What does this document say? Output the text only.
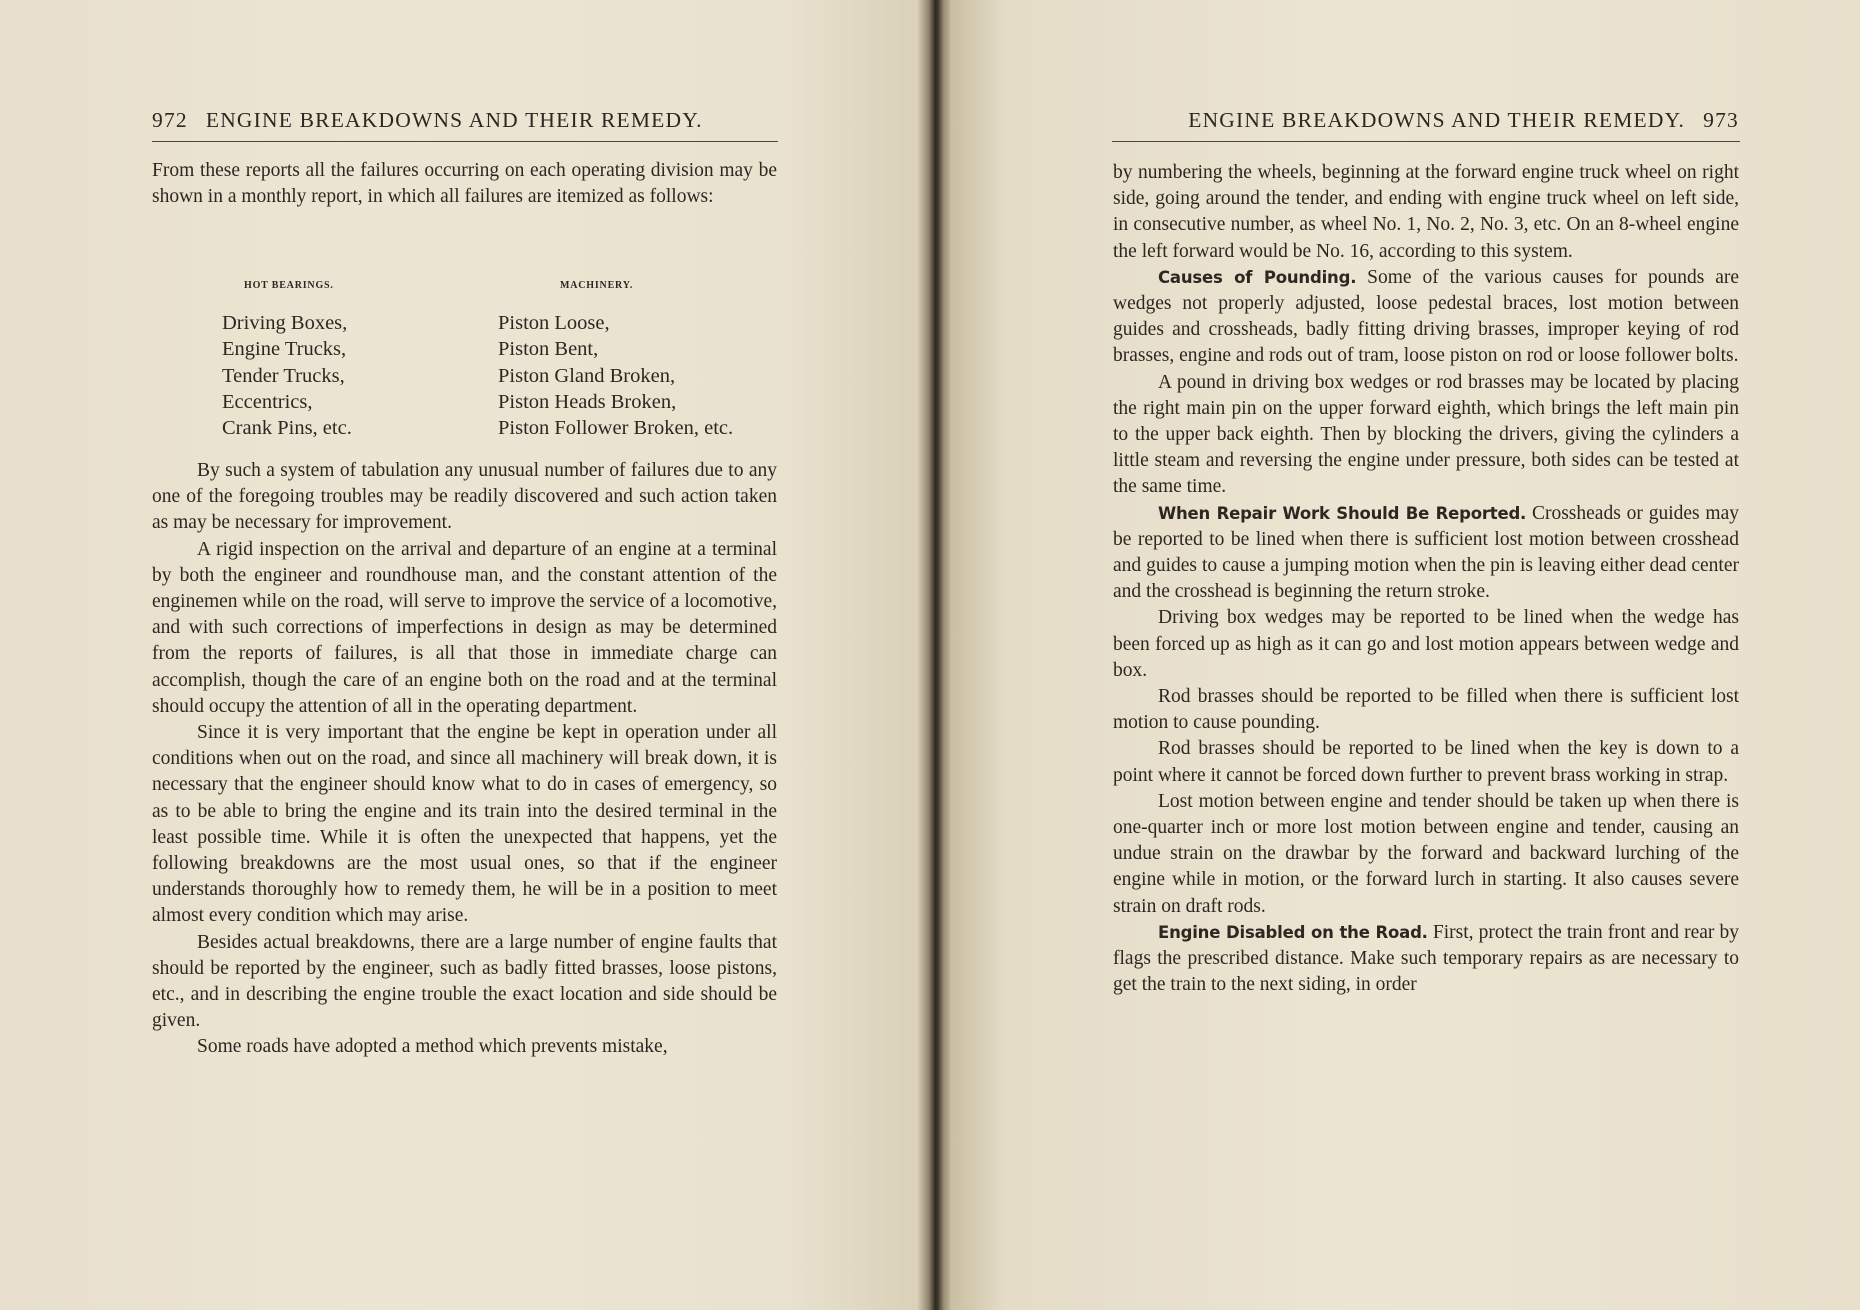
972 ENGINE BREAKDOWNS AND THEIR REMEDY.

From these reports all the failures occurring on each operating division may be shown in a monthly report, in which all failures are itemized as follows:

HOT BEARINGS.
Driving Boxes,
Engine Trucks,
Tender Trucks,
Eccentrics,
Crank Pins, etc.
MACHINERY.
Piston Loose,
Piston Bent,
Piston Gland Broken,
Piston Heads Broken,
Piston Follower Broken, etc.

By such a system of tabulation any unusual number of failures due to any one of the foregoing troubles may be readily discovered and such action taken as may be necessary for improvement.

A rigid inspection on the arrival and departure of an engine at a terminal by both the engineer and roundhouse man, and the constant attention of the enginemen while on the road, will serve to improve the service of a locomotive, and with such corrections of imperfections in design as may be determined from the reports of failures, is all that those in immediate charge can accomplish, though the care of an engine both on the road and at the terminal should occupy the attention of all in the operating department.

Since it is very important that the engine be kept in operation under all conditions when out on the road, and since all machinery will break down, it is necessary that the engineer should know what to do in cases of emergency, so as to be able to bring the engine and its train into the desired terminal in the least possible time. While it is often the unexpected that happens, yet the following breakdowns are the most usual ones, so that if the engineer understands thoroughly how to remedy them, he will be in a position to meet almost every condition which may arise.

Besides actual breakdowns, there are a large number of engine faults that should be reported by the engineer, such as badly fitted brasses, loose pistons, etc., and in describing the engine trouble the exact location and side should be given.

Some roads have adopted a method which prevents mistake,

ENGINE BREAKDOWNS AND THEIR REMEDY. 973

by numbering the wheels, beginning at the forward engine truck wheel on right side, going around the tender, and ending with engine truck wheel on left side, in consecutive number, as wheel No. 1, No. 2, No. 3, etc. On an 8-wheel engine the left forward would be No. 16, according to this system.

Causes of Pounding. Some of the various causes for pounds are wedges not properly adjusted, loose pedestal braces, lost motion between guides and crossheads, badly fitting driving brasses, improper keying of rod brasses, engine and rods out of tram, loose piston on rod or loose follower bolts.

A pound in driving box wedges or rod brasses may be located by placing the right main pin on the upper forward eighth, which brings the left main pin to the upper back eighth. Then by blocking the drivers, giving the cylinders a little steam and reversing the engine under pressure, both sides can be tested at the same time.

When Repair Work Should Be Reported. Crossheads or guides may be reported to be lined when there is sufficient lost motion between crosshead and guides to cause a jumping motion when the pin is leaving either dead center and the crosshead is beginning the return stroke.

Driving box wedges may be reported to be lined when the wedge has been forced up as high as it can go and lost motion appears between wedge and box.

Rod brasses should be reported to be filled when there is sufficient lost motion to cause pounding.

Rod brasses should be reported to be lined when the key is down to a point where it cannot be forced down further to prevent brass working in strap.

Lost motion between engine and tender should be taken up when there is one-quarter inch or more lost motion between engine and tender, causing an undue strain on the drawbar by the forward and backward lurching of the engine while in motion, or the forward lurch in starting. It also causes severe strain on draft rods.

Engine Disabled on the Road. First, protect the train front and rear by flags the prescribed distance. Make such temporary repairs as are necessary to get the train to the next siding, in order
